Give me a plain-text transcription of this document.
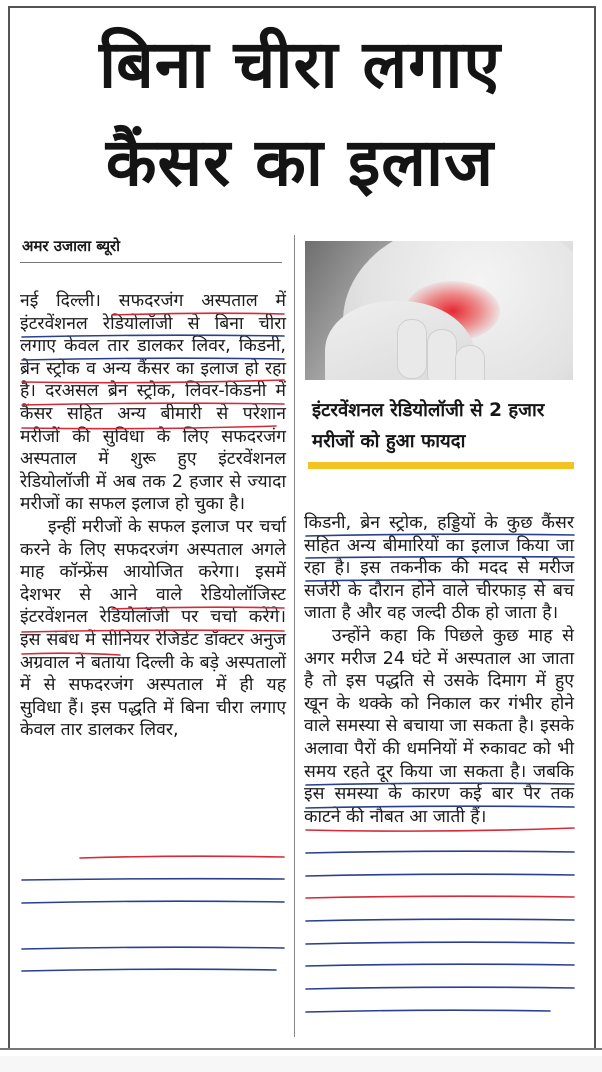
बिना चीरा लगाए
कैंसर का इलाज
अमर उजाला ब्यूरो

नई दिल्ली। सफदरजंग अस्पताल में इंटरवेंशनल रेडियोलॉजी से बिना चीरा लगाए केवल तार डालकर लिवर, किडनी, ब्रेन स्ट्रोक व अन्य कैंसर का इलाज हो रहा है। दरअसल ब्रेन स्ट्रोक, लिवर-किडनी में कैंसर सहित अन्य बीमारी से परेशान मरीजों की सुविधा के लिए सफदरजंग अस्पताल में शुरू हुए इंटरवेंशनल रेडियोलॉजी में अब तक 2 हजार से ज्यादा मरीजों का सफल इलाज हो चुका है।

इन्हीं मरीजों के सफल इलाज पर चर्चा करने के लिए सफदरजंग अस्पताल अगले माह कॉन्फ्रेंस आयोजित करेगा। इसमें देशभर से आने वाले रेडियोलॉजिस्ट इंटरवेंशनल रेडियोलॉजी पर चर्चा करेंगे। इस संबंध में सीनियर रेजिडेंट डॉक्टर अनुज अग्रवाल ने बताया दिल्ली के बड़े अस्पतालों में से सफदरजंग अस्पताल में ही यह सुविधा हैं। इस पद्धति में बिना चीरा लगाए केवल तार डालकर लिवर,

इंटरवेंशनल रेडियोलॉजी से 2 हजार मरीजों को हुआ फायदा

किडनी, ब्रेन स्ट्रोक, हड्डियों के कुछ कैंसर सहित अन्य बीमारियों का इलाज किया जा रहा है। इस तकनीक की मदद से मरीज सर्जरी के दौरान होने वाले चीरफाड़ से बच जाता है और वह जल्दी ठीक हो जाता है।

उन्होंने कहा कि पिछले कुछ माह से अगर मरीज 24 घंटे में अस्पताल आ जाता है तो इस पद्धति से उसके दिमाग में हुए खून के थक्के को निकाल कर गंभीर होने वाले समस्या से बचाया जा सकता है। इसके अलावा पैरों की धमनियों में रुकावट को भी समय रहते दूर किया जा सकता है। जबकि इस समस्या के कारण कई बार पैर तक काटने की नौबत आ जाती हैं।
